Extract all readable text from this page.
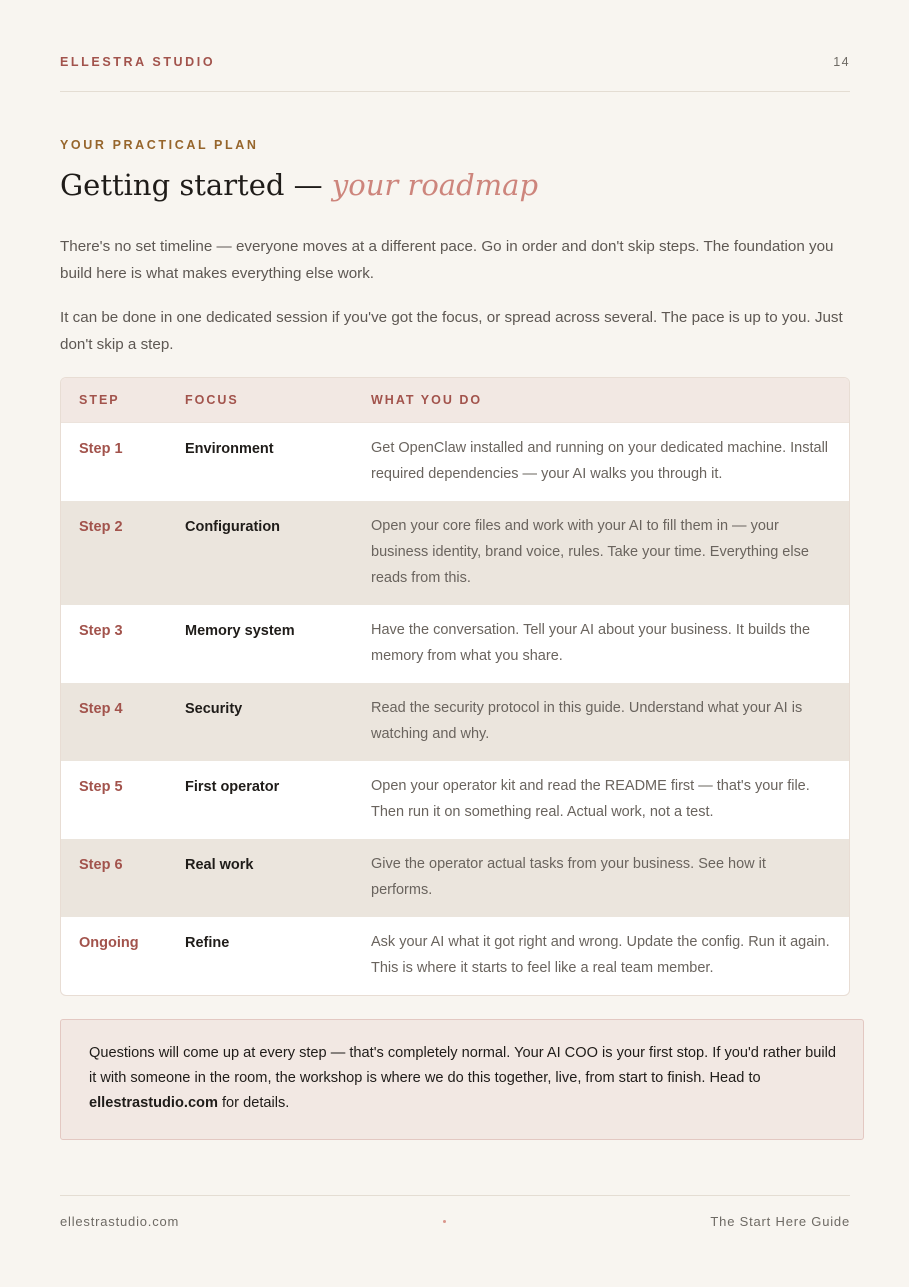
ELLESTRA STUDIO	14
YOUR PRACTICAL PLAN
Getting started — your roadmap

There's no set timeline — everyone moves at a different pace. Go in order and don't skip steps. The foundation you build here is what makes everything else work.

It can be done in one dedicated session if you've got the focus, or spread across several. The pace is up to you. Just don't skip a step.

STEP	FOCUS	WHAT YOU DO
Step 1	Environment	Get OpenClaw installed and running on your dedicated machine. Install required dependencies — your AI walks you through it.
Step 2	Configuration	Open your core files and work with your AI to fill them in — your business identity, brand voice, rules. Take your time. Everything else reads from this.
Step 3	Memory system	Have the conversation. Tell your AI about your business. It builds the memory from what you share.
Step 4	Security	Read the security protocol in this guide. Understand what your AI is watching and why.
Step 5	First operator	Open your operator kit and read the README first — that's your file. Then run it on something real. Actual work, not a test.
Step 6	Real work	Give the operator actual tasks from your business. See how it performs.
Ongoing	Refine	Ask your AI what it got right and wrong. Update the config. Run it again. This is where it starts to feel like a real team member.

Questions will come up at every step — that's completely normal. Your AI COO is your first stop. If you'd rather build it with someone in the room, the workshop is where we do this together, live, from start to finish. Head to ellestrastudio.com for details.

ellestrastudio.com	The Start Here Guide
